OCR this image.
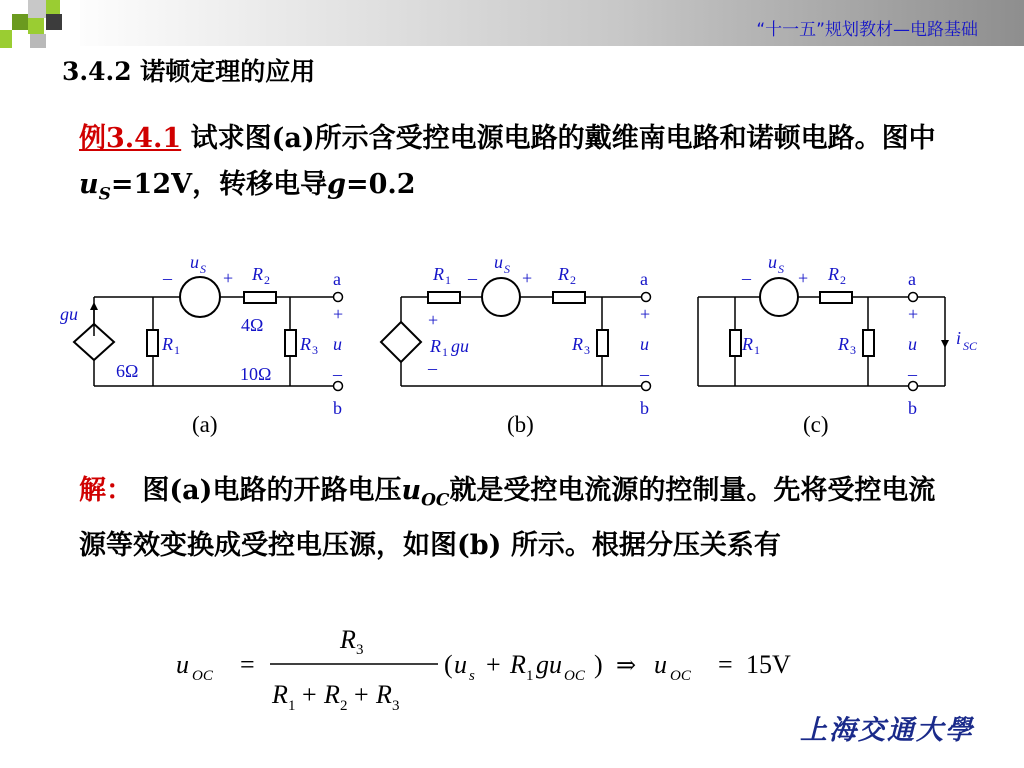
“十一五”规划教材—电路基础
3.4.2 诺顿定理的应用
例3.4.1 试求图(a)所示含受控电源电路的戴维南电路和诺顿电路。图中$u_S=12V$，转移电导g=0.2
u S
–	+ R 2
4Ω
R 1
6Ω
R 3
10Ω
gu
a
+
u
–
b
(a)
R 1
u S
–	+ R 2
+
R 1 gu
–
R 3
a
+
u
–
b
(b)
u S
–	+ R 2
R 1	R 3
i SC
a
+
u
–
b
(c)
解： 图(a)电路的开路电压$u_{OC}$就是受控电流源的控制量。先将受控电流源等效变换成受控电压源，如图(b) 所示。根据分压关系有
u OC =
R 3
R 1 + R 2 + R 3
( u s + R 1 gu OC ) ⇒ u OC = 15V
上海交通大學
